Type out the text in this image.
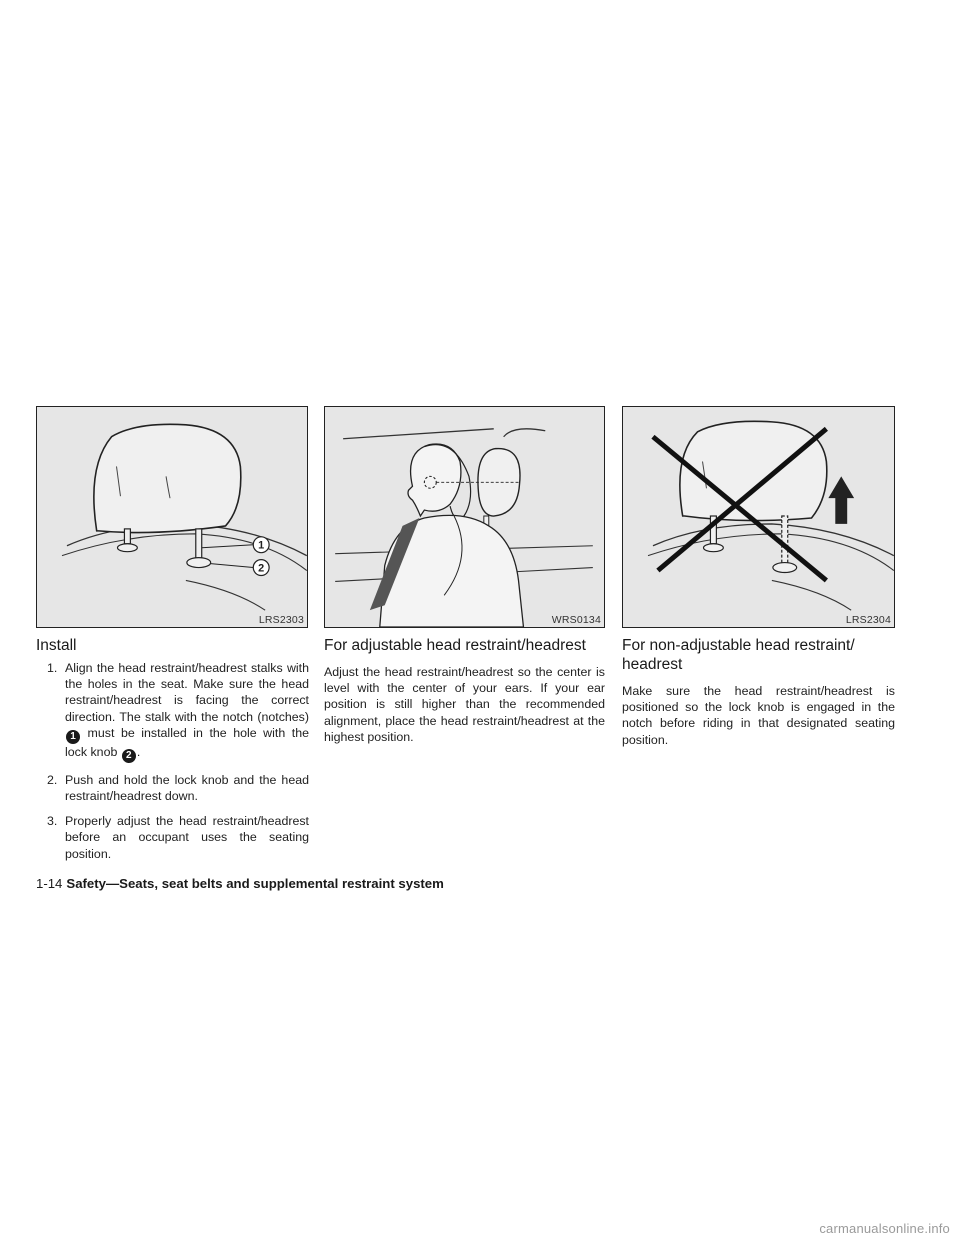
1
2
LRS2303	WRS0134	LRS2304
Install
1. Align the head restraint/headrest stalks with the holes in the seat. Make sure the head restraint/headrest is facing the correct direction. The stalk with the notch (notches) 1 must be installed in the hole with the lock knob 2 .
2. Push and hold the lock knob and the head restraint/headrest down.
3. Properly adjust the head restraint/headrest before an occupant uses the seating position.
For adjustable head restraint/headrest

Adjust the head restraint/headrest so the center is level with the center of your ears. If your ear position is still higher than the recommended alignment, place the head restraint/headrest at the highest position.

For non-adjustable head restraint/ headrest

Make sure the head restraint/headrest is positioned so the lock knob is engaged in the notch before riding in that designated seating position.

1-14 Safety—Seats, seat belts and supplemental restraint system
carmanualsonline.info
